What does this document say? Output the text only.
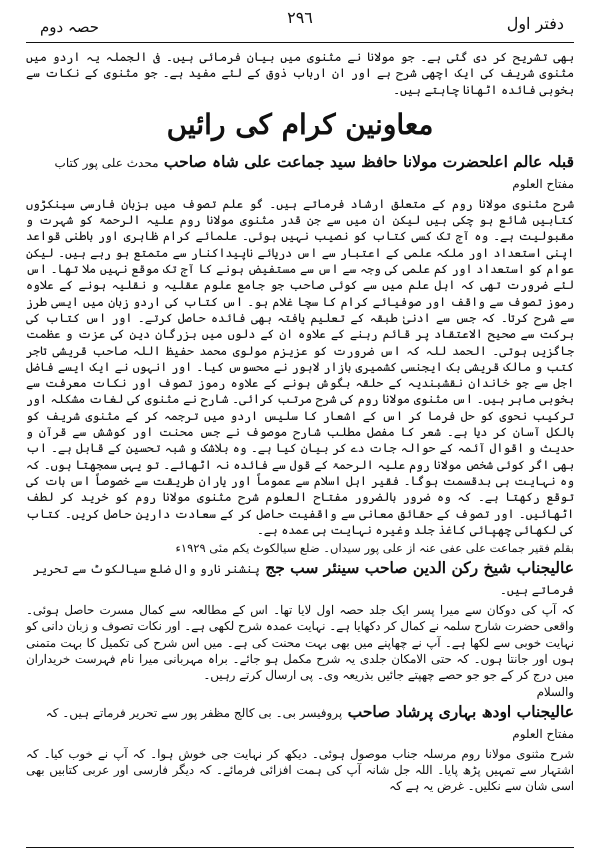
حصہ دوم	٢٩٦	دفتر اول

بھی تشریح کر دی گئی ہے۔ جو مولانا نے مثنوی میں بیان فرمائی ہیں۔ فی الجملہ یہ اردو میں مثنوی شریف کی ایک اچھی شرح ہے اور ان ارباب ذوق کے لئے مفید ہے۔ جو مثنوی کے نکات سے بخوبی فائدہ اٹھانا چاہتے ہیں۔

معاونین کرام کی رائیں
قبلہ عالم اعلحضرت مولانا حافظ سید جماعت علی شاہ صاحب محدث علی پور کتاب مفتاح العلوم

شرح مثنوی مولانا روم کے متعلق ارشاد فرماتے ہیں۔ گو علم تصوف میں بزبان فارسی سینکڑوں کتابیں شائع ہو چکی ہیں لیکن ان میں سے جن قدر مثنوی مولانا روم علیہ الرحمۃ کو شہرت و مقبولیت ہے۔ وہ آج تک کسی کتاب کو نصیب نہیں ہوئی۔ علمائے کرام ظاہری اور باطنی قواعد اپنی استعداد اور ملکہ علمی کے اعتبار سے اس دریائے ناپیداکنار سے متمتع ہو رہے ہیں۔ لیکن عوام کو استعداد اور کم علمی کی وجہ سے اس سے مستفیض ہونے کا آج تک موقع نہیں ملا تھا۔ اس لئے ضرورت تھی کہ اہل علم میں سے کوئی صاحب جو جامع علوم عقلیہ و نقلیہ ہونے کے علاوہ رموز تصوف سے واقف اور صوفیائے کرام کا سچا غلام ہو۔ اس کتاب کی اردو زبان میں ایسی طرز سے شرح کرتا۔ کہ جس سے ادنیٰ طبقہ کے تعلیم یافتہ بھی فائدہ حاصل کرتے۔ اور اس کتاب کی برکت سے صحیح الاعتقاد پر قائم رہنے کے علاوہ ان کے دلوں میں بزرگان دین کی عزت و عظمت جاگزیں ہوتی۔ الحمد للہ کہ اس ضرورت کو عزیزم مولوی محمد حفیظ اللہ صاحب قریشی تاجر کتب و مالک قریشی بک ایجنسی کشمیری بازار لاہور نے محسوس کیا۔ اور انہوں نے ایک ایسے فاضل اجل سے جو خاندان نقشبندیہ کے حلقہ بگوش ہونے کے علاوہ رموز تصوف اور نکات معرفت سے بخوبی ماہر ہیں۔ اس مثنوی مولانا روم کی شرح مرتب کرائی۔ شارح نے مثنوی کی لغات مشکلہ اور ترکیب نحوی کو حل فرما کر اس کے اشعار کا سلیس اردو میں ترجمہ کر کے مثنوی شریف کو بالکل آسان کر دیا ہے۔ شعر کا مفصل مطلب شارح موصوف نے جس محنت اور کوشش سے قرآن و حدیث و اقوال آئمہ کے حوالہ جات دے کر بیان کیا ہے۔ وہ بلاشک و شبہ تحسین کے قابل ہے۔ اب بھی اگر کوئی شخص مولانا روم علیہ الرحمۃ کے قول سے فائدہ نہ اٹھائے۔ تو یہی سمجھتا ہوں۔ کہ وہ نہایت ہی بدقسمت ہوگا۔ فقیر اہل اسلام سے عموماً اور یاران طریقت سے خصوصاً اس بات کی توقع رکھتا ہے۔ کہ وہ ضرور بالضرور مفتاح العلوم شرح مثنوی مولانا روم کو خرید کر لطف اٹھائیں۔ اور تصوف کے حقائق معانی سے واقفیت حاصل کر کے سعادت دارین حاصل کریں۔ کتاب کی لکھائی چھپائی کاغذ جلد وغیرہ نہایت ہی عمدہ ہے۔

بقلم فقیر جماعت علی عفی عنہ از علی پور سیداں۔ ضلع سیالکوٹ یکم مئی ١٩٢٩ء
عالیجناب شیخ رکن الدین صاحب سینئر سب جج پنشنر نارو وال ضلع سیالکوٹ سے تحریر فرماتے ہیں۔

کہ آپ کی دوکان سے میرا پسر ایک جلد حصہ اول لایا تھا۔ اس کے مطالعہ سے کمال مسرت حاصل ہوئی۔ واقعی حضرت شارح سلمہ نے کمال کر دکھایا ہے۔ نہایت عمدہ شرح لکھی ہے۔ اور نکات تصوف و زبان دانی کو نہایت خوبی سے لکھا ہے۔ آپ نے چھاپنے میں بھی بہت محنت کی ہے۔ میں اس شرح کی تکمیل کا بہت متمنی ہوں اور جانتا ہوں۔ کہ حتی الامکان جلدی یہ شرح مکمل ہو جائے۔ براہ مہربانی میرا نام فہرست خریداران میں درج کر کے جو جو حصے چھپتے جائیں بذریعہ وی۔ پی ارسال کرتے رہیں۔

والسلام
عالیجناب اودھ بہاری پرشاد صاحب پروفیسر بی۔ بی کالج مظفر پور سے تحریر فرماتے ہیں۔ کہ مفتاح العلوم

شرح مثنوی مولانا روم مرسلہ جناب موصول ہوئی۔ دیکھ کر نہایت جی خوش ہوا۔ کہ آپ نے خوب کیا۔ کہ اشتہار سے تمہیں پڑھ پایا۔ اللہ جل شانہ آپ کی ہمت افزائی فرمائے۔ کہ دیگر فارسی اور عربی کتابیں بھی اسی شان سے نکلیں۔ غرض یہ ہے کہ
